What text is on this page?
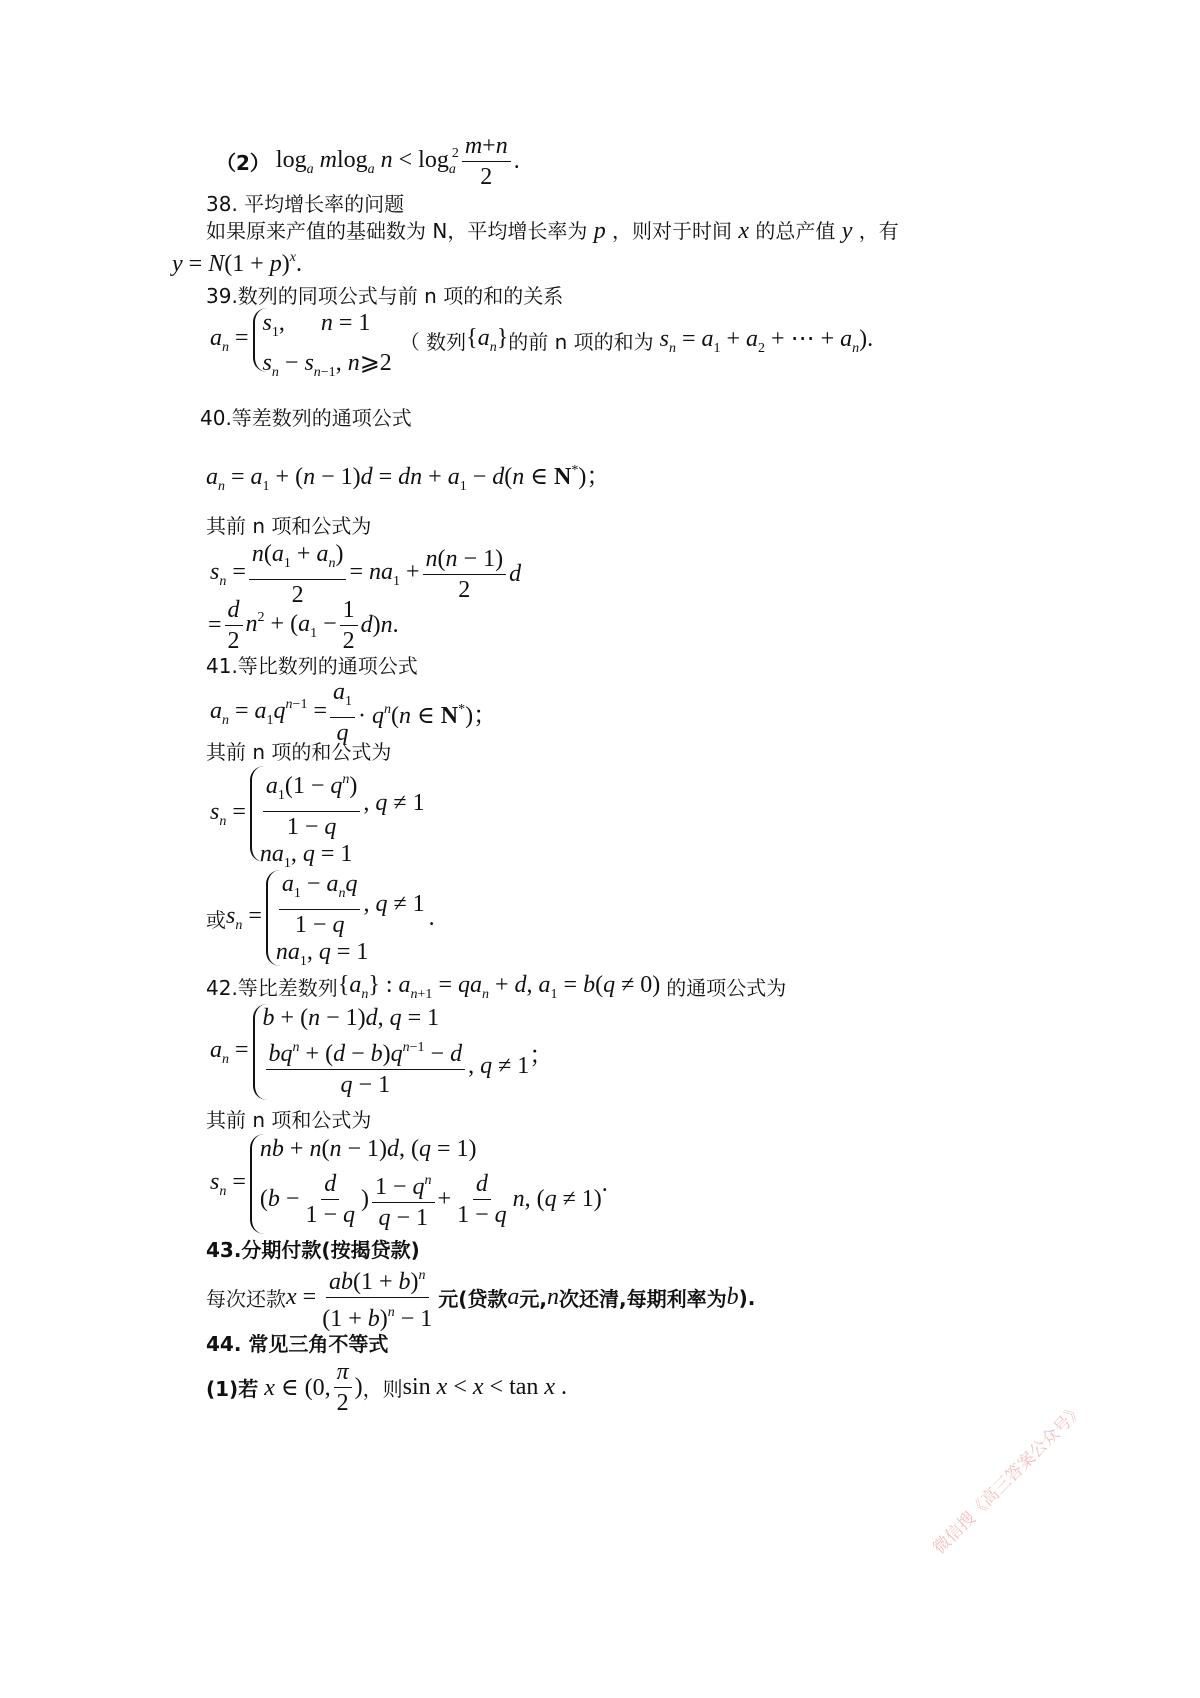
（2） $\log_a mlog_a$ $n < \log_a^2 \frac{m+n}{2}$ .
38. 平均增长率的问题
如果原来产值的基础数为 N，平均增长率为 p ，则对于时间 x 的总产值 y ，有
$y = N(1 + p)^x$.
39.数列的同项公式与前 n 项的和的关系
$a_n$ =
$s_1$,      n = 1
$s_n - s_{n-1}$, n⩾2
（ 数列 $\{a_n\}$ 的前 n 项的和为 $s_n = a_1 + a_2$ + ⋯ + $a_n$).
40.等差数列的通项公式
$a_n = a_1 + (n - 1)d$ = dn + $a_1 - d(n$ ∈ N*)；
其前 n 项和公式为
$s_n = \frac{n(a_1 + a_n)}{2} = na_1 + \frac{n(n - 1)}{2}$ d
= $\frac{d}{2} n^2 + (a_1 - \frac{1}{2} d)n$.
41.等比数列的通项公式
$a_n = a_1q^{n-1} = \frac{a_1}{q} \cdot q^n(n$ ∈ N*)；
其前 n 项的和公式为
$s_n = \frac{a_1(1 - q^n)}{1 - q}$ , q ≠ 1
$na_1$, q = 1
或 $s_n = \frac{a_1 - a_nq}{1 - q}$ , q ≠ 1
$na_1$, q = 1
.
42.等比差数列 $\{a_n\}$ : $a_{n+1} = qa_n + d$, $a_1 = b(q \ne 0)$ 的通项公式为
$a_n$ =
b + (n − 1)d, q = 1
$\frac{bq^n + (d - b)q^{n-1} - d}{q - 1}$ , q ≠ 1 ；
其前 n 项和公式为
$s_n$ =
nb + n(n − 1)d, (q = 1)
($b - \frac{d}{1 - q}$ ) $\frac{1 - q^n}{q - 1} + \frac{d}{1 - q} n$, (q ≠ 1)
.
43.分期付款(按揭贷款)
每次还款 $x = \frac{ab(1 + b)^n}{(1 + b)^n - 1}$ 元(贷款 a 元, n 次还清,每期利率为 b ).
44. 常见三角不等式
(1)若 x ∈ (0, $\frac{\pi}{2}$ ) ，则 sin x < x < tan x .
微信搜《高三答案公众号》
